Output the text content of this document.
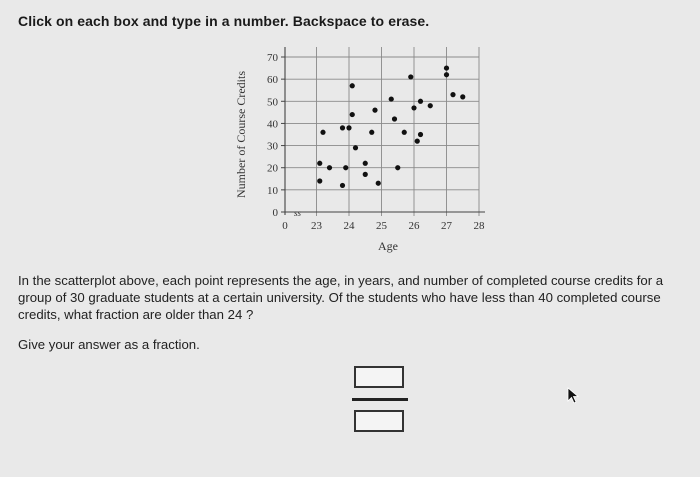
Click on each box and type in a number. Backspace to erase.
0
10
20
30
40
50
60
70
ss
0 23 24 25 26 27 28
Age
Number of Course Credits
In the scatterplot above, each point represents the age, in years, and number of completed course credits for a group of 30 graduate students at a certain university. Of the students who have less than 40 completed course credits, what fraction are older than 24 ?
Give your answer as a fraction.
